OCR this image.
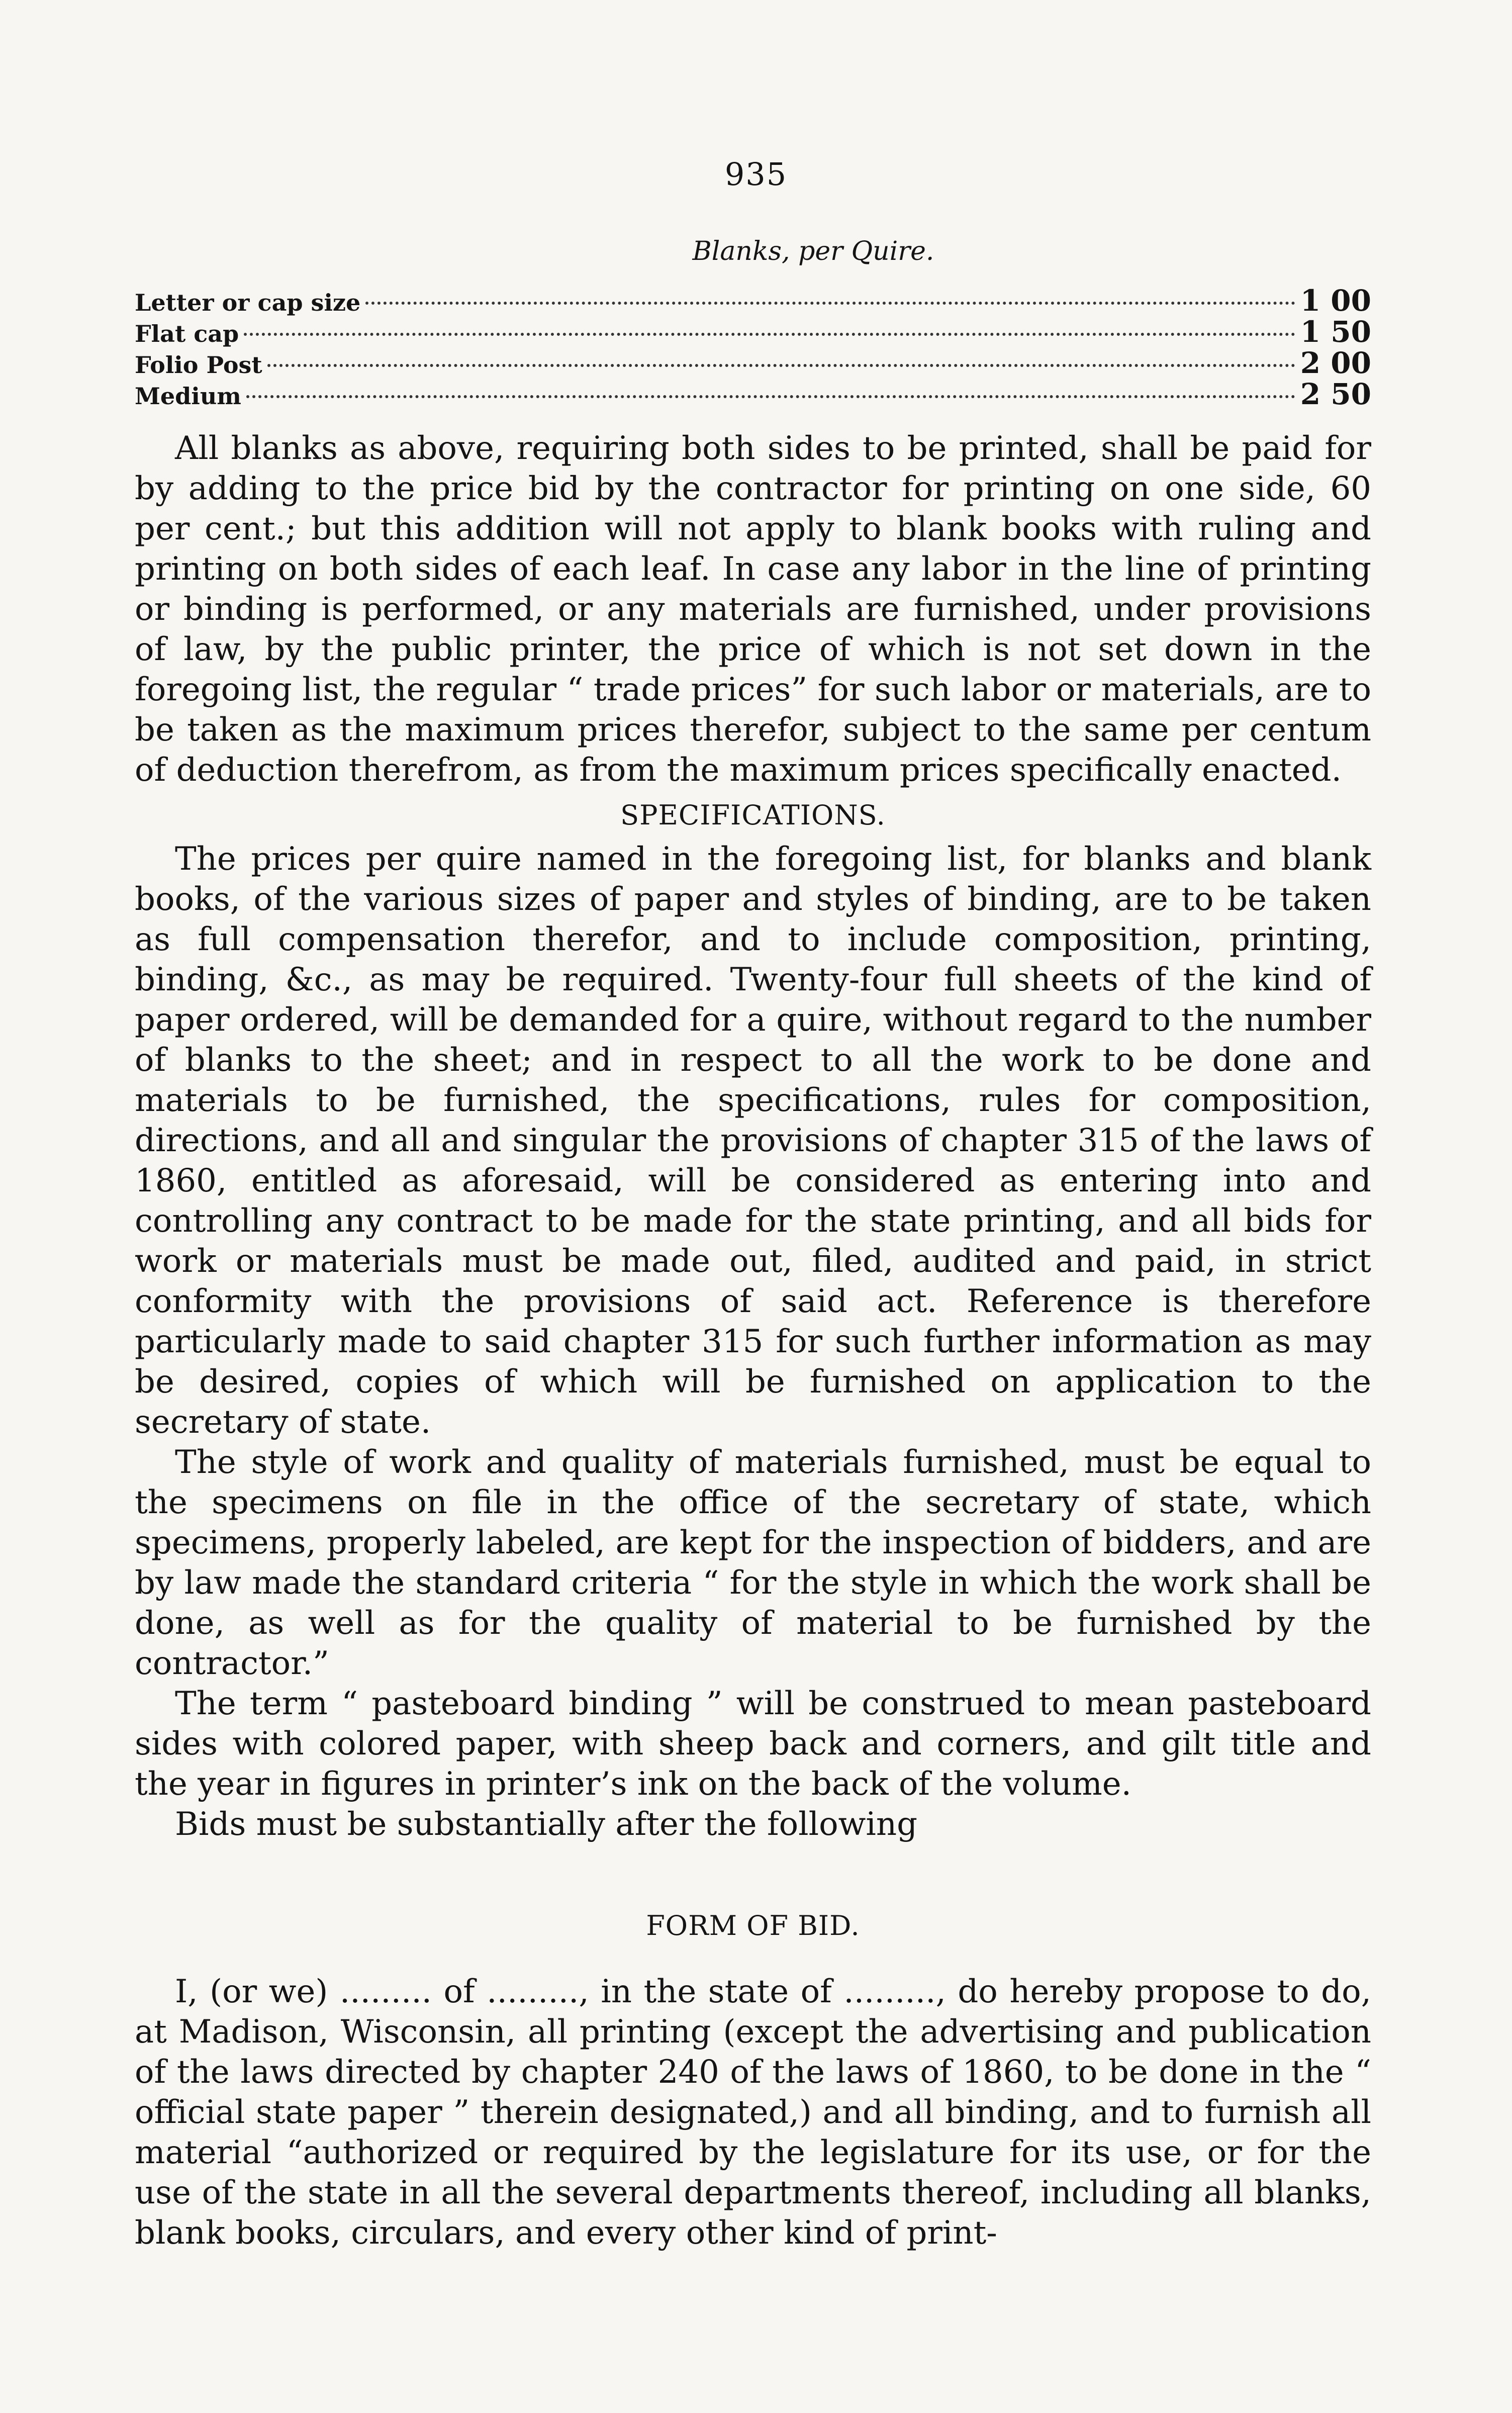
935
Blanks, per Quire.
Letter or cap size	1 00
Flat cap	1 50
Folio Post	2 00
Medium	2 50

All blanks as above, requiring both sides to be printed, shall be paid for by adding to the price bid by the contractor for printing on one side, 60 per cent.; but this addition will not apply to blank books with ruling and printing on both sides of each leaf. In case any labor in the line of printing or binding is performed, or any materials are furnished, under provisions of law, by the public printer, the price of which is not set down in the foregoing list, the regular “ trade prices” for such labor or materials, are to be taken as the maximum prices therefor, subject to the same per centum of deduction therefrom, as from the maximum prices specifically enacted.

SPECIFICATIONS.

The prices per quire named in the foregoing list, for blanks and blank books, of the various sizes of paper and styles of binding, are to be taken as full compensation therefor, and to include composition, printing, binding, &c., as may be required. Twenty-four full sheets of the kind of paper ordered, will be demanded for a quire, without regard to the number of blanks to the sheet; and in respect to all the work to be done and materials to be furnished, the specifications, rules for composition, directions, and all and singular the provisions of chapter 315 of the laws of 1860, entitled as aforesaid, will be considered as entering into and controlling any contract to be made for the state printing, and all bids for work or materials must be made out, filed, audited and paid, in strict conformity with the provisions of said act. Reference is therefore particularly made to said chapter 315 for such further information as may be desired, copies of which will be furnished on application to the secretary of state.

The style of work and quality of materials furnished, must be equal to the specimens on file in the office of the secretary of state, which specimens, properly labeled, are kept for the inspection of bidders, and are by law made the standard criteria “ for the style in which the work shall be done, as well as for the quality of material to be furnished by the contractor.”

The term “ pasteboard binding ” will be construed to mean pasteboard sides with colored paper, with sheep back and corners, and gilt title and the year in figures in printer’s ink on the back of the volume.

Bids must be substantially after the following

FORM OF BID.

I, (or we) ......... of ........., in the state of ........., do hereby propose to do, at Madison, Wisconsin, all printing (except the advertising and publication of the laws directed by chapter 240 of the laws of 1860, to be done in the “ official state paper ” therein designated,) and all binding, and to furnish all material “authorized or required by the legislature for its use, or for the use of the state in all the several departments thereof, including all blanks, blank books, circulars, and every other kind of print-
